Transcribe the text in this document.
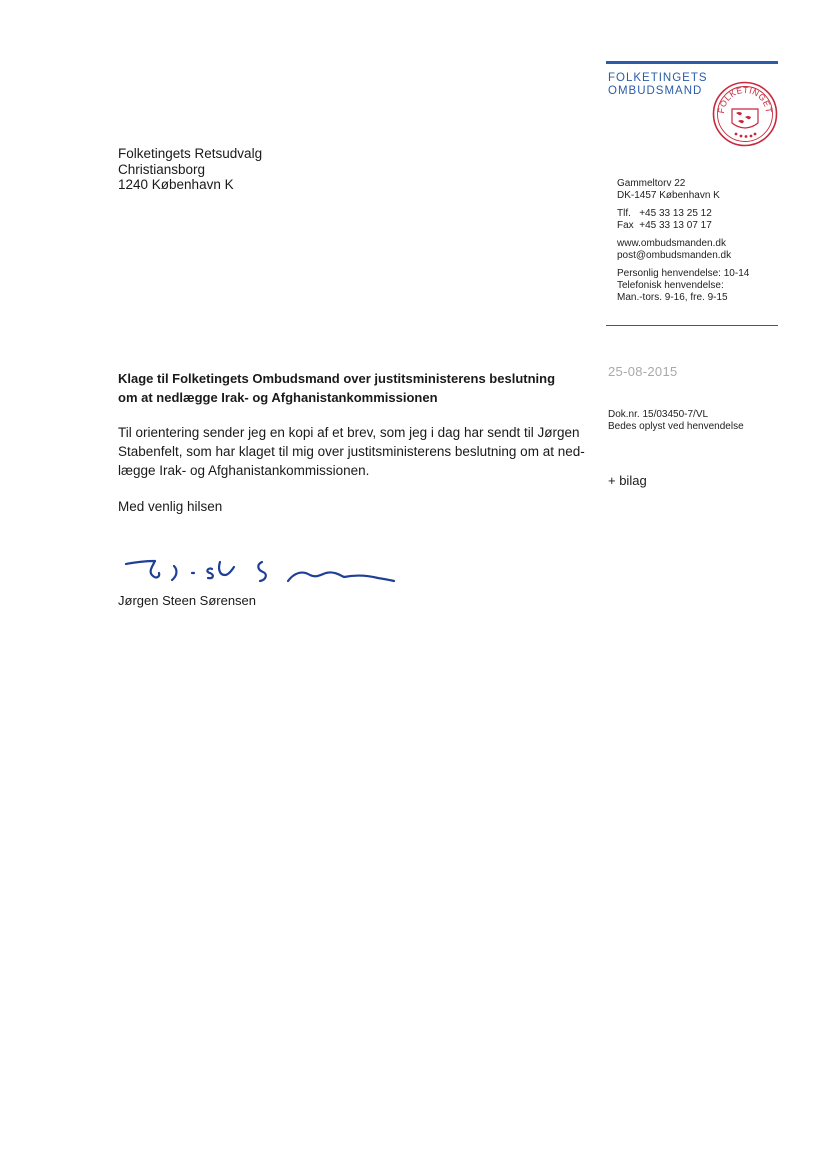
FOLKETINGETS
OMBUDSMAND
FOLKETINGET
Folketingets Retsudvalg
Christiansborg
1240 København K	Gammeltorv 22
DK-1457 København K
Tlf.   +45 33 13 25 12
Fax  +45 33 13 07 17
www.ombudsmanden.dk
post@ombudsmanden.dk
Personlig henvendelse: 10-14
Telefonisk henvendelse:
Man.-tors. 9-16, fre. 9-15
25-08-2015
Dok.nr. 15/03450-7/VL
Bedes oplyst ved henvendelse
+ bilag
Klage til Folketingets Ombudsmand over justitsministerens beslutning
om at nedlægge Irak- og Afghanistankommissionen
Til orientering sender jeg en kopi af et brev, som jeg i dag har sendt til Jørgen
Stabenfelt, som har klaget til mig over justitsministerens beslutning om at ned-
lægge Irak- og Afghanistankommissionen.
Med venlig hilsen
Jørgen Steen Sørensen
